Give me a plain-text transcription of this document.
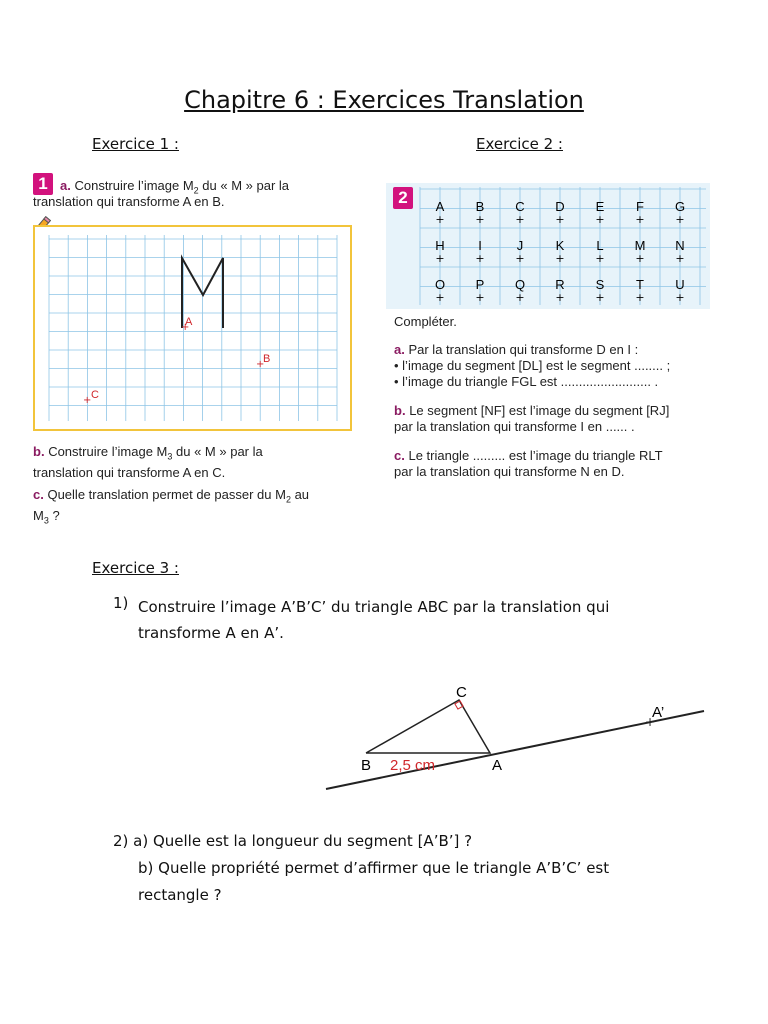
Chapitre 6 : Exercices Translation
Exercice 1 :	Exercice 2 :
1 a. Construire l’image $M_2$ du « M » par la
translation qui transforme A en B.
A
+
B
+
C
+
b. Construire l’image $M_3$ du « M » par la
translation qui transforme A en C.
c. Quelle translation permet de passer du $M_2$ au
$M_3$ ?
A
+
B
+
C
+
D
+
E
+
F
+
G
+
H
+
I
+
J
+
K
+
L
+
M
+
N
+
O
+
P
+
Q
+
R
+
S
+
T
+
U
+
2
Compléter.
a. Par la translation qui transforme D en I :
• l’image du segment [DL] est le segment ........ ;
• l’image du triangle FGL est ......................... .
b. Le segment [NF] est l’image du segment [RJ]
par la translation qui transforme I en ...... .
c. Le triangle ......... est l’image du triangle RLT
par la translation qui transforme N en D.
Exercice 3 :
1) Construire l’image A’B’C’ du triangle ABC par la translation qui
transforme A en A’.
C
B	A
A’
+
2,5 cm
2) a) Quelle est la longueur du segment [A’B’] ?
b) Quelle propriété permet d’affirmer que le triangle A’B’C’ est
rectangle ?
